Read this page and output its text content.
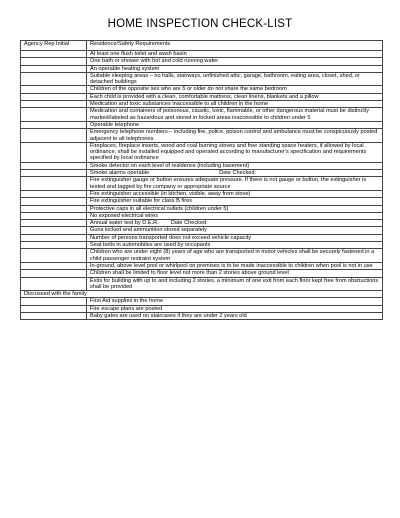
HOME INSPECTION CHECK-LIST
Agency Rep Initial	Residence/Safety Requirements
	At least one flush toilet and wash basin
	One bath or shower with hot and cold running water
	An operable heating system
	Suitable sleeping areas – no halls, stairways, unfinished attic, garage, bathroom, eating area, closet, shed, or detached buildings
	Children of the opposite sex who are 5 or older do not share the same bedroom
	Each child is provided with a clean, comfortable mattress, clean linens, blankets and a pillow
	Medication and toxic substances inaccessible to all children in the home
	Medication and containers of poisonous, caustic, toxic, flammable, or other dangerous material must be distinctly marked/labeled as hazardous and stored in locked areas inaccessible to children under 5
	Operable telephone
	Emergency telephone numbers – including fire, police, poison control and ambulance must be conspicuously posted adjacent to all telephones
	Fireplaces, fireplace inserts, wood and coal burning stoves and free standing space heaters, if allowed by local ordinance, shall be installed equipped and operated according to manufacturer’s specification and requirements specified by local ordinance
	Smoke detector on each level of residence (including basement)
	Smoke alarms operable Date Checked:
	Fire extinguisher gauge or button ensures adequate pressure. If there is not gauge or button, the extinguisher is tested and tagged by fire company or appropriate source
	Fire extinguisher accessible (in kitchen, visible, away from stove)
	Fire extinguisher suitable for class B fires
	Protective caps in all electrical outlets (children under 5)
	No exposed electrical wires
	Annual water test by D.E.R. Date Checked:
	Guns locked and ammunition stored separately
	Number of persons transported does not exceed vehicle capacity
	Seat belts in automobiles are used by occupants
	Children who are under eight (8) years of age who are transported in motor vehicles shall be securely fastened in a child passenger restraint system
	In-ground, above level pool or whirlpool on premises is to be made inaccessible to children when pool is not in use
	Children shall be limited to floor level not more than 2 stories above ground level
	Exits for building with up to and including 2 stories, a minimum of one exit from each floor kept free from obstructions shall be provided
Discussed with the family	
	First Aid supplies in the home
	Fire escape plans are posted
	Baby gates are used on staircases if they are under 2 years old
